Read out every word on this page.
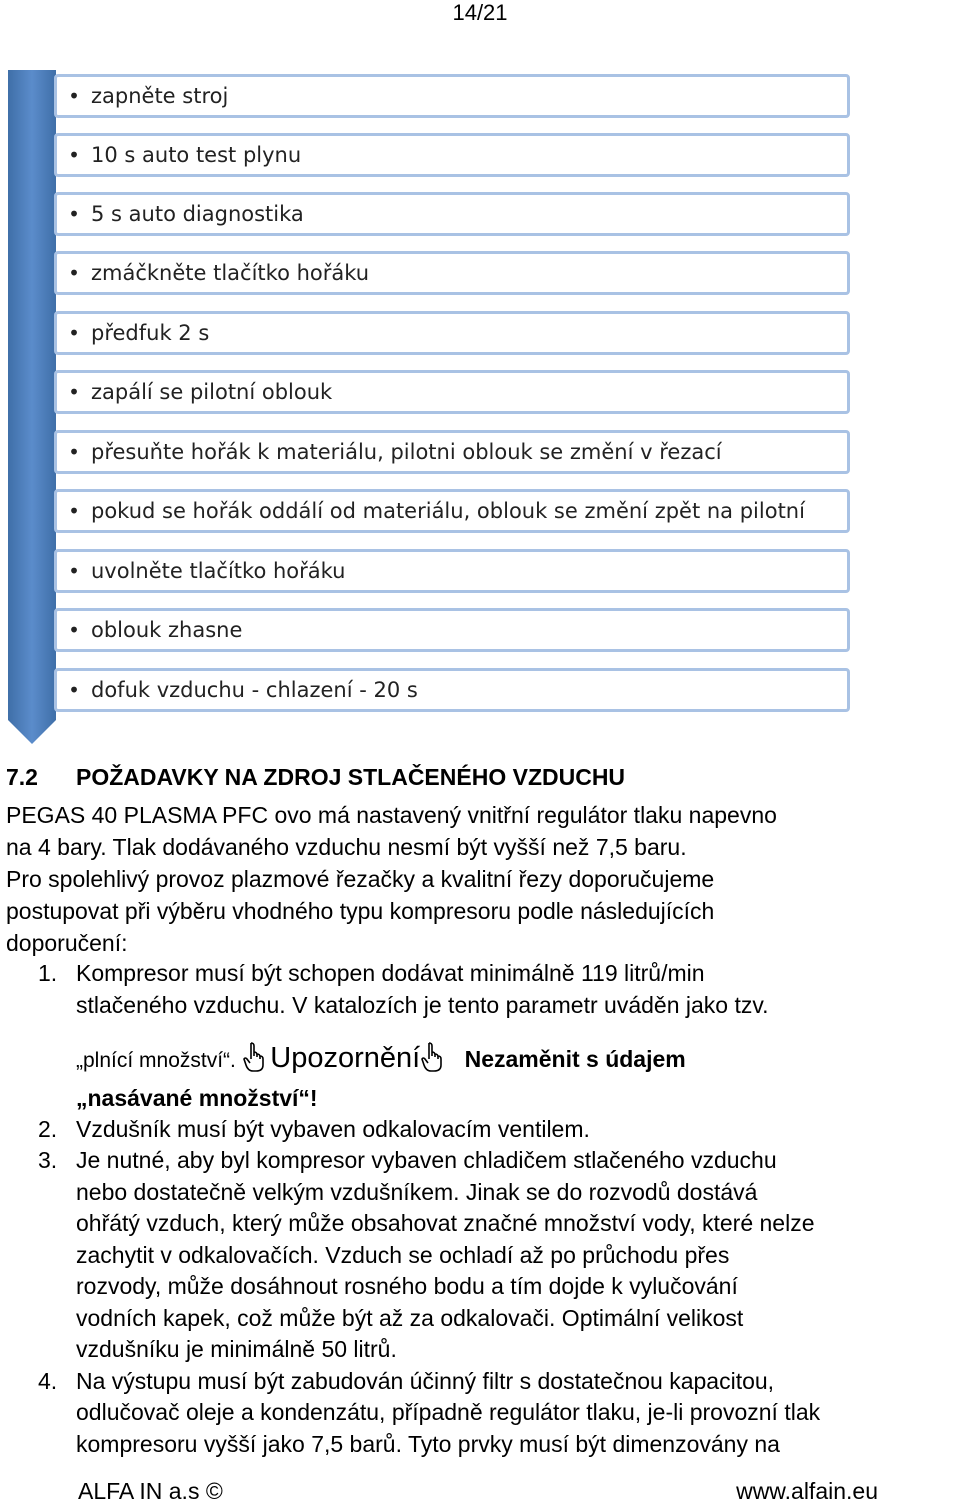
14/21
• zapněte stroj
• 10 s auto test plynu
• 5 s auto diagnostika
• zmáčkněte tlačítko hořáku
• předfuk 2 s
• zapálí se pilotní oblouk
• přesuňte hořák k materiálu, pilotni oblouk se změní v řezací
• pokud se hořák oddálí od materiálu, oblouk se změní zpět na pilotní
• uvolněte tlačítko hořáku
• oblouk zhasne
• dofuk vzduchu - chlazení - 20 s
7.2 POŽADAVKY NA ZDROJ STLAČENÉHO VZDUCHU
PEGAS 40 PLASMA PFC ovo má nastavený vnitřní regulátor tlaku napevno
na 4 bary. Tlak dodávaného vzduchu nesmí být vyšší než 7,5 baru.
Pro spolehlivý provoz plazmové řezačky a kvalitní řezy doporučujeme
postupovat při výběru vhodného typu kompresoru podle následujících
doporučení:
1. Kompresor musí být schopen dodávat minimálně 119 litrů/min
stlačeného vzduchu. V katalozích je tento parametr uváděn jako tzv.
„plnící množství“. Upozornění Nezaměnit s údajem
„nasávané množství“!
2. Vzdušník musí být vybaven odkalovacím ventilem.
3. Je nutné, aby byl kompresor vybaven chladičem stlačeného vzduchu
nebo dostatečně velkým vzdušníkem. Jinak se do rozvodů dostává
ohřátý vzduch, který může obsahovat značné množství vody, které nelze
zachytit v odkalovačích. Vzduch se ochladí až po průchodu přes
rozvody, může dosáhnout rosného bodu a tím dojde k vylučování
vodních kapek, což může být až za odkalovači. Optimální velikost
vzdušníku je minimálně 50 litrů.
4. Na výstupu musí být zabudován účinný filtr s dostatečnou kapacitou,
odlučovač oleje a kondenzátu, případně regulátor tlaku, je-li provozní tlak
kompresoru vyšší jako 7,5 barů. Tyto prvky musí být dimenzovány na
ALFA IN a.s ©	www.alfain.eu
